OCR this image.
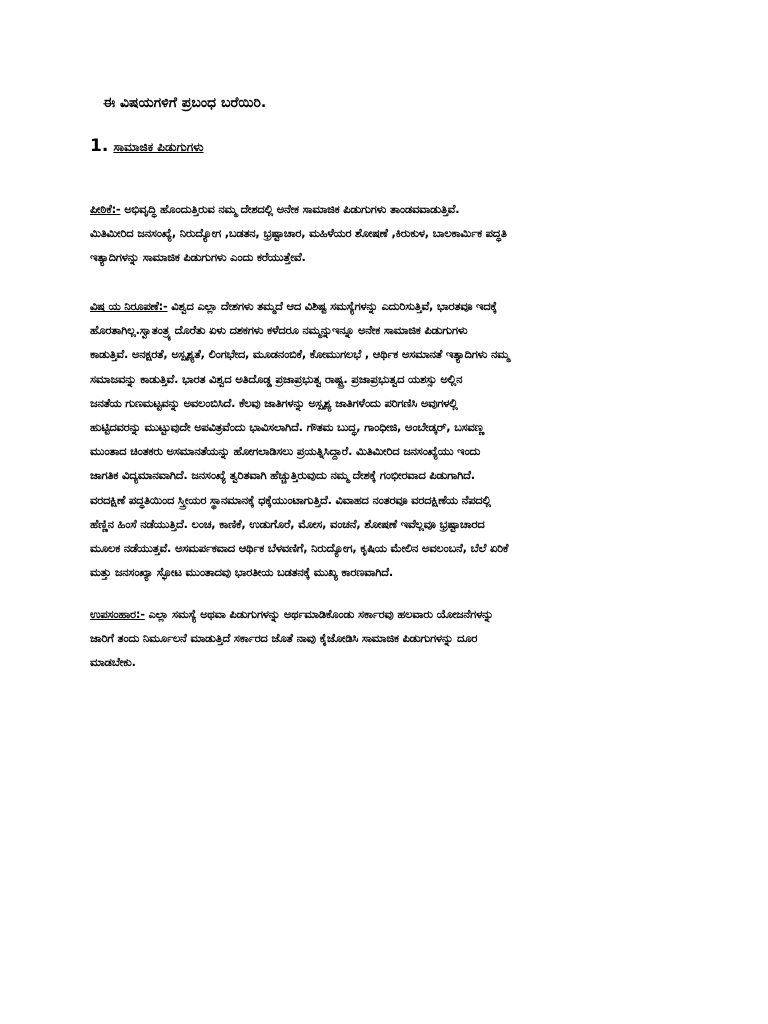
ಈ ವಿಷಯಗಳಿಗೆ ಪ್ರಬಂಧ ಬರೆಯಿರಿ.
1. ಸಾಮಾಜಿಕ ಪಿಡುಗುಗಳು
ಪೀಠಿಕೆ:- ಅಭಿವೃದ್ಧಿ ಹೊಂದುತ್ತಿರುವ ನಮ್ಮ ದೇಶದಲ್ಲಿ ಅನೇಕ ಸಾಮಾಜಿಕ ಪಿಡುಗುಗಳು ತಾಂಡವವಾಡುತ್ತಿವೆ.
ಮಿತಿಮೀರಿದ ಜನಸಂಖ್ಯೆ, ನಿರುದ್ಯೋಗ ,ಬಡತನ, ಭ್ರಷ್ಟಾಚಾರ, ಮಹಿಳೆಯರ ಶೋಷಣೆ ,ಕಿರುಕುಳ, ಬಾಲಕಾರ್ಮಿಕ ಪದ್ಧತಿ
ಇತ್ಯಾದಿಗಳನ್ನು ಸಾಮಾಜಿಕ ಪಿಡುಗುಗಳು ಎಂದು ಕರೆಯುತ್ತೇವೆ.
ವಿಷ ಯ ನಿರೂಪಣೆ:- ವಿಶ್ವದ ಎಲ್ಲಾ ದೇಶಗಳು ತಮ್ಮದೆ ಆದ ವಿಶಿಷ್ಟ ಸಮಸ್ಯೆಗಳನ್ನು ಎದುರಿಸುತ್ತಿವೆ, ಭಾರತವೂ ಇದಕ್ಕೆ
ಹೊರತಾಗಿಲ್ಲ.ಸ್ವಾತಂತ್ರ್ಯ ದೊರೆತು ಏಳು ದಶಕಗಳು ಕಳೆದರೂ ನಮ್ಮನ್ನುಇನ್ನೂ ಅನೇಕ ಸಾಮಾಜಿಕ ಪಿಡುಗುಗಳು
ಕಾಡುತ್ತಿವೆ. ಅನಕ್ಷರತೆ, ಅಸ್ಪೃಶ್ಯತೆ, ಲಿಂಗಭೇದ, ಮೂಡನಂಬಿಕೆ, ಕೋಮುಗಲಭೆ , ಆರ್ಥಿಕ ಅಸಮಾನತೆ ಇತ್ಯಾದಿಗಳು ನಮ್ಮ
ಸಮಾಜವನ್ನು ಕಾಡುತ್ತಿವೆ. ಭಾರತ ವಿಶ್ವದ ಅತಿದೊಡ್ಡ ಪ್ರಜಾಪ್ರಭುತ್ವ ರಾಷ್ಟ್ರ. ಪ್ರಜಾಪ್ರಭುತ್ವದ ಯಶಸ್ಸು ಅಲ್ಲಿನ
ಜನತೆಯ ಗುಣಮಟ್ಟವನ್ನು ಅವಲಂಬಿಸಿದೆ. ಕೆಲವು ಜಾತಿಗಳನ್ನು ಅಸ್ಪೃಶ್ಯ ಜಾತಿಗಳೆಂದು ಪರಿಗಣಿಸಿ ಅವುಗಳಲ್ಲಿ
ಹುಟ್ಟಿದವರನ್ನು ಮುಟ್ಟುವುದೇ ಅಪವಿತ್ರವೆಂದು ಭಾವಿಸಲಾಗಿದೆ. ಗೌತಮ ಬುದ್ಧ, ಗಾಂಧೀಜಿ, ಅಂಬೇಡ್ಕರ್, ಬಸವಣ್ಣ
ಮುಂತಾದ ಚಿಂತಕರು ಅಸಮಾನತೆಯನ್ನು ಹೋಗಲಾಡಿಸಲು ಪ್ರಯತ್ನಿಸಿದ್ದಾರೆ. ಮಿತಿಮೀರಿದ ಜನಸಂಖ್ಯೆಯು ಇಂದು
ಜಾಗತಿಕ ವಿದ್ಯಮಾನವಾಗಿದೆ. ಜನಸಂಖ್ಯೆ ತ್ವರಿತವಾಗಿ ಹೆಚ್ಚುತ್ತಿರುವುದು ನಮ್ಮ ದೇಶಕ್ಕೆ ಗಂಭೀರವಾದ ಪಿಡುಗಾಗಿದೆ.
ವರದಕ್ಷಿಣೆ ಪದ್ಧತಿಯಿಂದ ಸ್ತ್ರೀಯರ ಸ್ಥಾನಮಾನಕ್ಕೆ ಧಕ್ಕೆಯುಂಟಾಗುತ್ತಿದೆ. ವಿವಾಹದ ನಂತರವೂ ವರದಕ್ಷಿಣೆಯ ನೆಪದಲ್ಲಿ
ಹೆಣ್ಣಿನ ಹಿಂಸೆ ನಡೆಯುತ್ತಿದೆ. ಲಂಚ, ಕಾಣಿಕೆ, ಉಡುಗೊರೆ, ಮೋಸ, ವಂಚನೆ, ಶೋಷಣೆ ಇವೆಲ್ಲವೂ ಭ್ರಷ್ಟಾಚಾರದ
ಮೂಲಕ ನಡೆಯುತ್ತವೆ. ಅಸಮರ್ಪಕವಾದ ಆರ್ಥಿಕ ಬೆಳವಣಿಗೆ, ನಿರುದ್ಯೋಗ, ಕೃಷಿಯ ಮೇಲಿನ ಅವಲಂಬನೆ, ಬೆಲೆ ಏರಿಕೆ
ಮತ್ತು ಜನಸಂಖ್ಯಾ ಸ್ಫೋಟ ಮುಂತಾದವು ಭಾರತೀಯ ಬಡತನಕ್ಕೆ ಮುಖ್ಯ ಕಾರಣವಾಗಿದೆ.
ಉಪಸಂಹಾರ:- ಎಲ್ಲಾ ಸಮಸ್ಯೆ ಅಥವಾ ಪಿಡುಗುಗಳನ್ನು ಅರ್ಥಮಾಡಿಕೊಂಡು ಸರ್ಕಾರವು ಹಲವಾರು ಯೋಜನೆಗಳನ್ನು
ಜಾರಿಗೆ ತಂದು ನಿರ್ಮೂಲನೆ ಮಾಡುತ್ತಿದೆ ಸರ್ಕಾರದ ಜೊತೆ ನಾವು ಕೈಜೋಡಿಸಿ ಸಾಮಾಜಿಕ ಪಿಡುಗುಗಳನ್ನು ದೂರ
ಮಾಡಬೇಕು.
